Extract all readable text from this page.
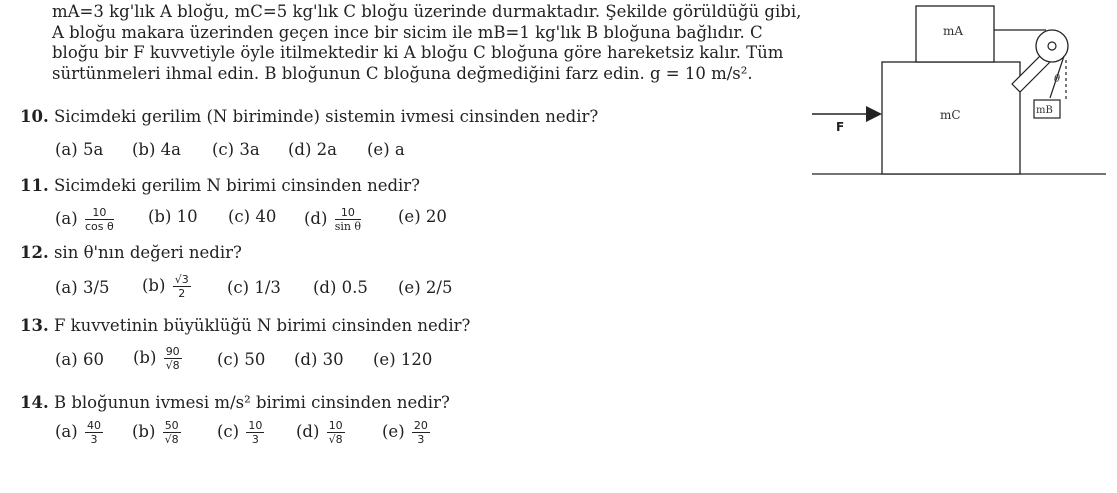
mA=3 kg'lık A bloğu, mC=5 kg'lık C bloğu üzerinde durmaktadır. Şekilde görüldüğü gibi,
A bloğu makara üzerinden geçen ince bir sicim ile mB=1 kg'lık B bloğuna bağlıdır. C
bloğu bir F kuvvetiyle öyle itilmektedir ki A bloğu C bloğuna göre hareketsiz kalır. Tüm
sürtünmeleri ihmal edin. B bloğunun C bloğuna değmediğini farz edin. g = 10 m/s².
mA
mC	mB
F
θ
10. Sicimdeki gerilim (N biriminde) sistemin ivmesi cinsinden nedir?
(a) 5a (b) 4a (c) 3a (d) 2a (e) a
11. Sicimdeki gerilim N birimi cinsinden nedir?
$(a) \frac{10}{\text{cos θ}} (b)$ 10 (c) 40 $(d) \frac{10}{\text{sin θ}} (e)$ 20
12. sin θ'nın değeri nedir?
(a) 3/5 $(b) \frac{√3}{2} (c)$ 1/3 (d) 0.5 (e) 2/5
13. F kuvvetinin büyüklüğü N birimi cinsinden nedir?
(a) 60 $(b) \frac{90}{√8} (c)$ 50 (d) 30 (e) 120
14. B bloğunun ivmesi m/s² birimi cinsinden nedir?
$(a) \frac{40}{3} (b) \frac{50}{√8} (c) \frac{10}{3} (d) \frac{10}{√8} (e) \frac{20}{3}$
